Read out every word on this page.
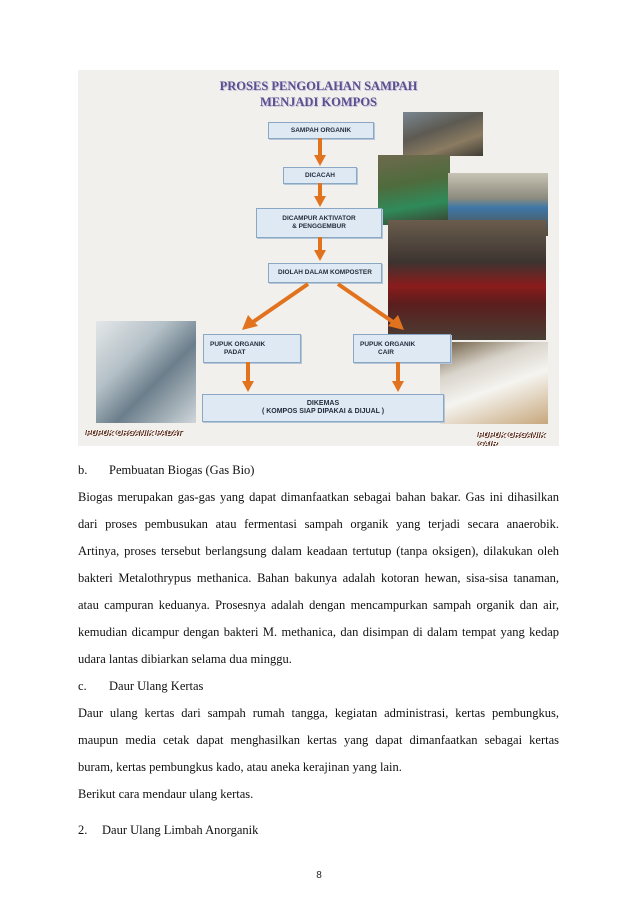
PROSES PENGOLAHAN SAMPAH
MENJADI KOMPOS
SAMPAH ORGANIK
DICACAH
DICAMPUR AKTIVATOR
& PENGGEMBUR
DIOLAH DALAM KOMPOSTER
PUPUK ORGANIK
PADAT
PUPUK ORGANIK
CAIR
DIKEMAS
( KOMPOS SIAP DIPAKAI & DIJUAL )
PUPUK ORGANIK PADAT	PUPUK ORGANIK CAIR
b. Pembuatan Biogas (Gas Bio)
Biogas merupakan gas-gas yang dapat dimanfaatkan sebagai bahan bakar. Gas ini dihasilkan
dari proses pembusukan atau fermentasi sampah organik yang terjadi secara anaerobik.
Artinya, proses tersebut berlangsung dalam keadaan tertutup (tanpa oksigen), dilakukan oleh
bakteri Metalothrypus methanica. Bahan bakunya adalah kotoran hewan, sisa-sisa tanaman,
atau campuran keduanya. Prosesnya adalah dengan mencampurkan sampah organik dan air,
kemudian dicampur dengan bakteri M. methanica, dan disimpan di dalam tempat yang kedap
udara lantas dibiarkan selama dua minggu.
c. Daur Ulang Kertas
Daur ulang kertas dari sampah rumah tangga, kegiatan administrasi, kertas pembungkus,
maupun media cetak dapat menghasilkan kertas yang dapat dimanfaatkan sebagai kertas
buram, kertas pembungkus kado, atau aneka kerajinan yang lain.
Berikut cara mendaur ulang kertas.
2. Daur Ulang Limbah Anorganik
8
